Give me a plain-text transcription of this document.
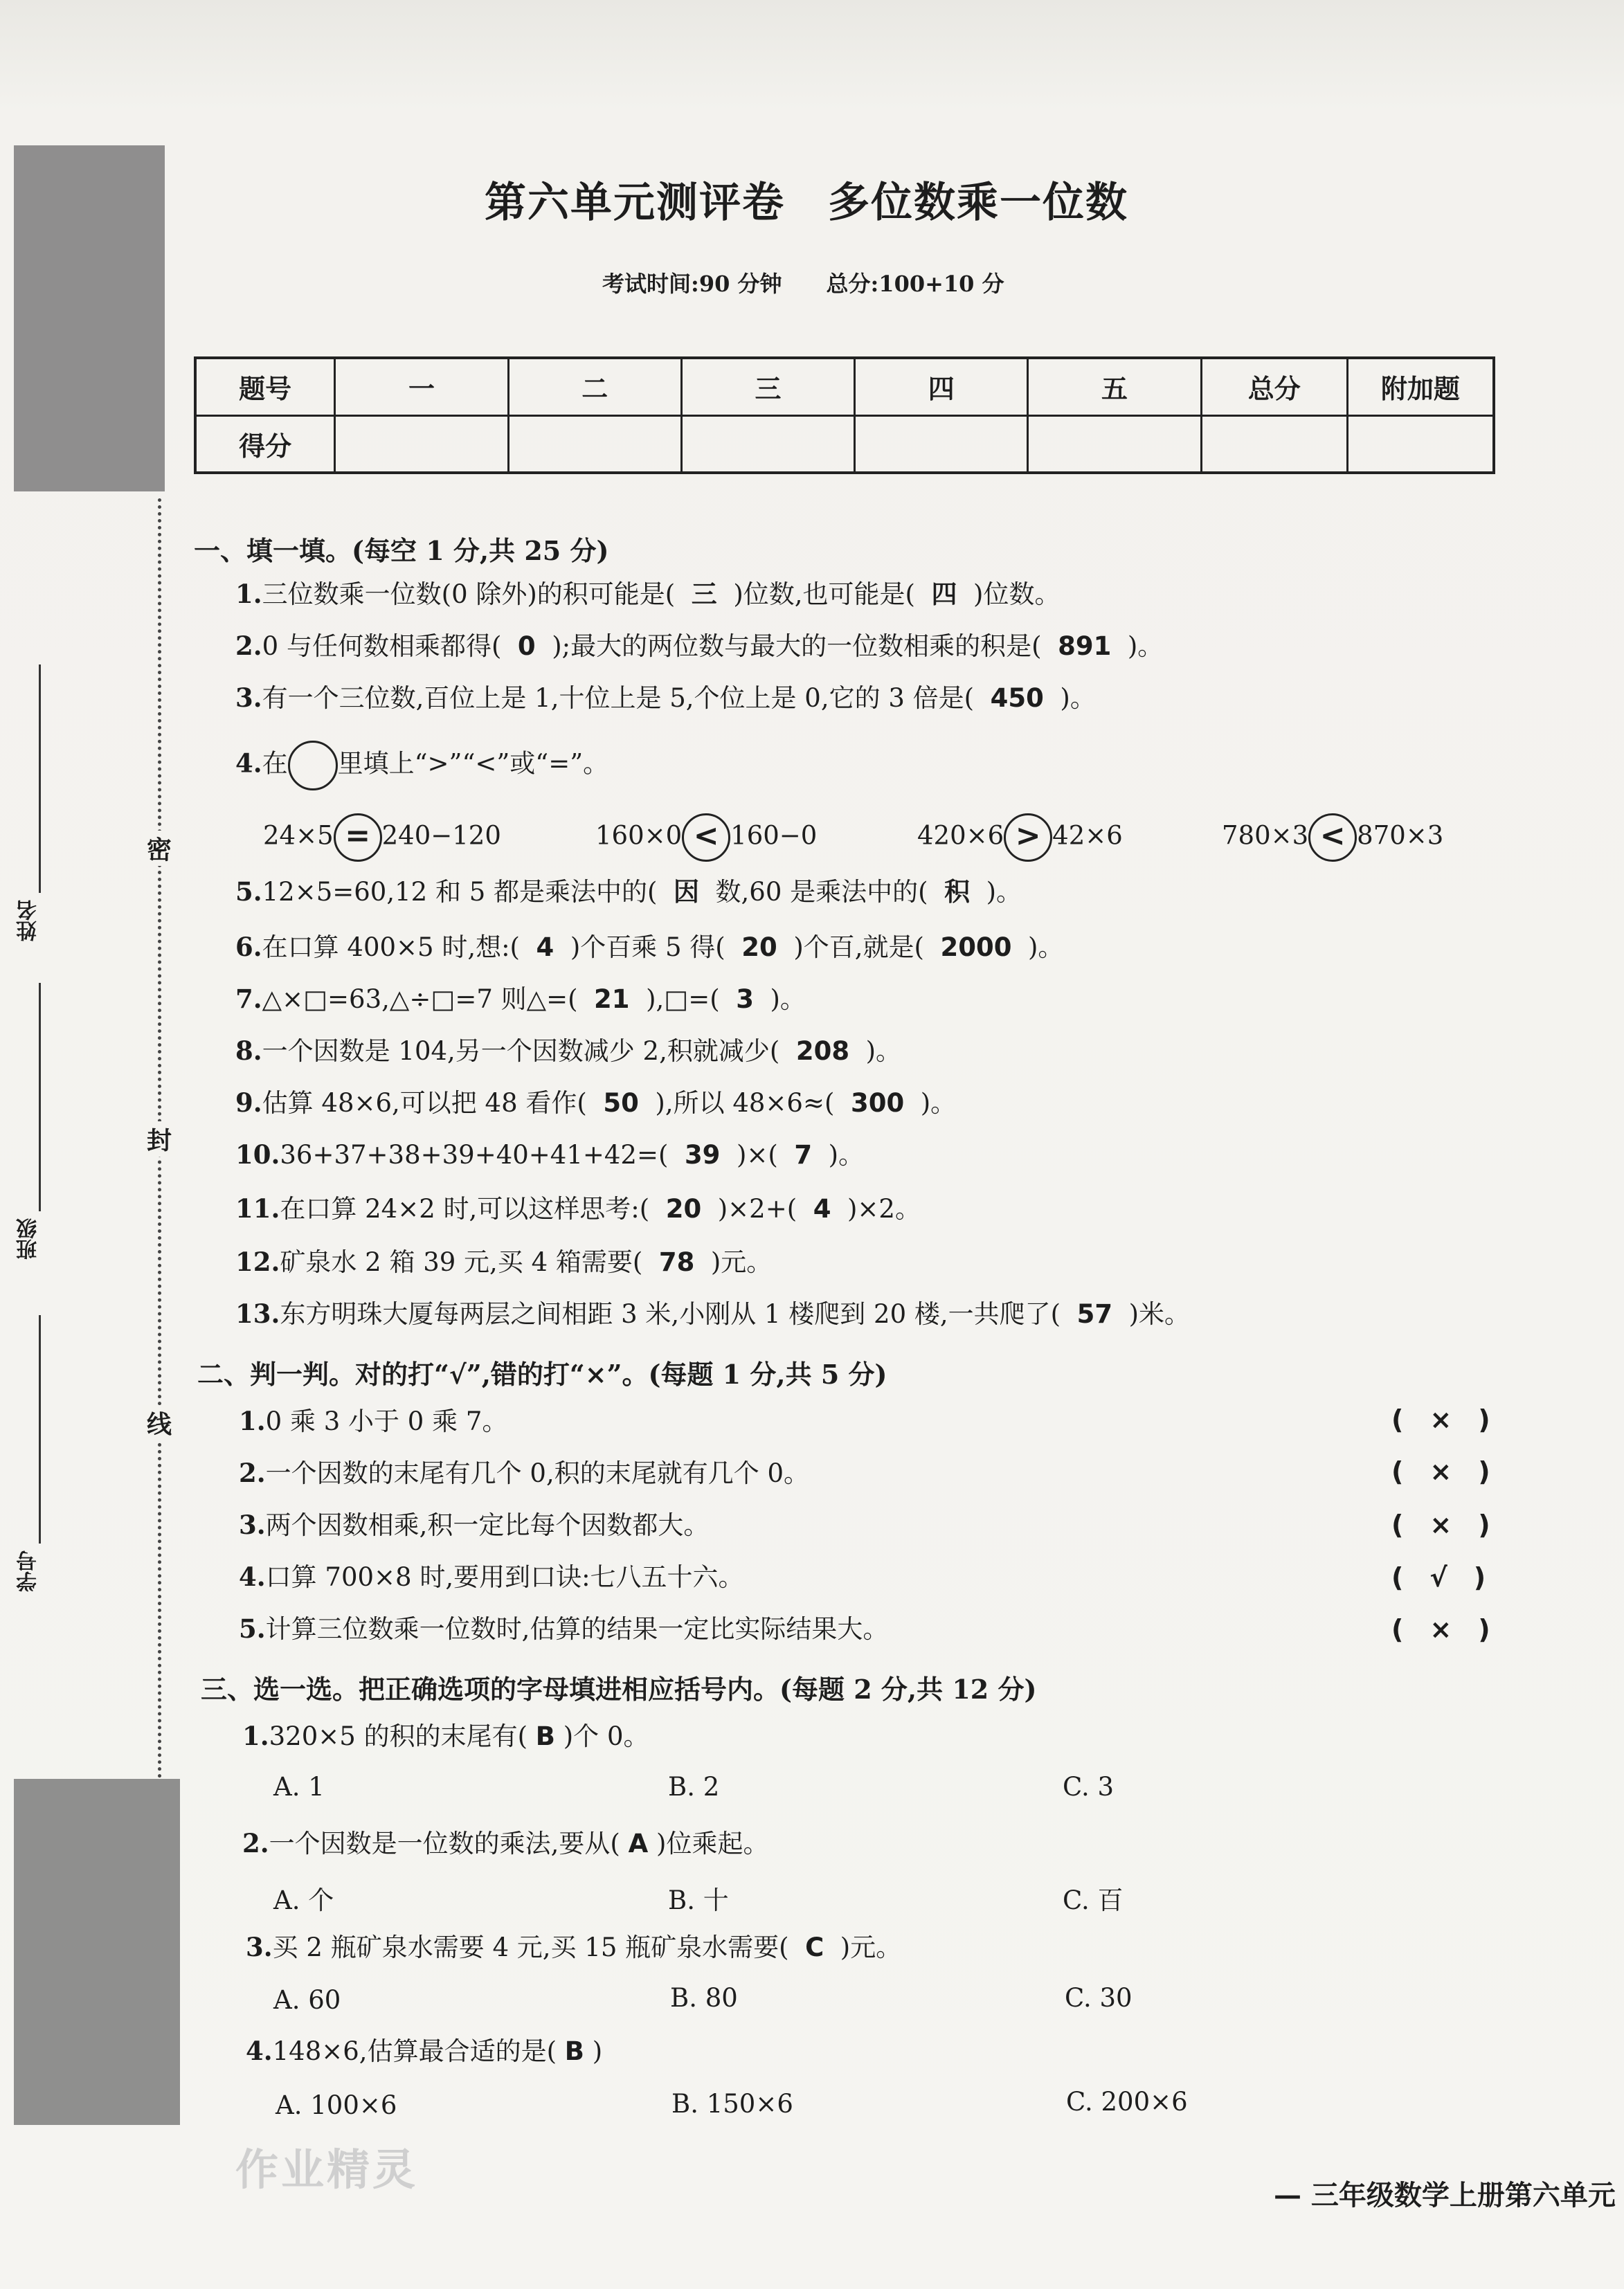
密
封
线
姓名
班级
学号
第六单元测评卷　多位数乘一位数
考试时间:90 分钟　　总分:100+10 分
题号	一	二	三	四	五	总分	附加题
得分							
一、填一填。(每空 1 分,共 25 分)
1.三位数乘一位数(0 除外)的积可能是( 三 )位数,也可能是( 四 )位数。
2.0 与任何数相乘都得( 0 );最大的两位数与最大的一位数相乘的积是( 891 )。
3.有一个三位数,百位上是 1,十位上是 5,个位上是 0,它的 3 倍是( 450 )。
4.在 里填上“>”“<”或“=”。
24×5 = 240−120	160×0 < 160−0	420×6 > 42×6	780×3 < 870×3
5.12×5=60,12 和 5 都是乘法中的( 因 数,60 是乘法中的( 积 )。
6.在口算 400×5 时,想:( 4 )个百乘 5 得( 20 )个百,就是( 2000 )。
7.△×□=63,△÷□=7 则△=( 21 ),□=( 3 )。
8.一个因数是 104,另一个因数减少 2,积就减少( 208 )。
9.估算 48×6,可以把 48 看作( 50 ),所以 48×6≈( 300 )。
10.36+37+38+39+40+41+42=( 39 )×( 7 )。
11.在口算 24×2 时,可以这样思考:( 20 )×2+( 4 )×2。
12.矿泉水 2 箱 39 元,买 4 箱需要( 78 )元。
13.东方明珠大厦每两层之间相距 3 米,小刚从 1 楼爬到 20 楼,一共爬了( 57 )米。
二、判一判。对的打“√”,错的打“×”。(每题 1 分,共 5 分)
1.0 乘 3 小于 0 乘 7。	(　×　)
2.一个因数的末尾有几个 0,积的末尾就有几个 0。	(　×　)
3.两个因数相乘,积一定比每个因数都大。	(　×　)
4.口算 700×8 时,要用到口诀:七八五十六。	(　√　)
5.计算三位数乘一位数时,估算的结果一定比实际结果大。	(　×　)
三、选一选。把正确选项的字母填进相应括号内。(每题 2 分,共 12 分)
1.320×5 的积的末尾有( B )个 0。
A. 1	B. 2	C. 3
2.一个因数是一位数的乘法,要从( A )位乘起。
A. 个	B. 十	C. 百
3.买 2 瓶矿泉水需要 4 元,买 15 瓶矿泉水需要( C )元。
A. 60	B. 80	C. 30
4.148×6,估算最合适的是( B )
A. 100×6	B. 150×6	C. 200×6
作业精灵
— 三年级数学上册第六单元
